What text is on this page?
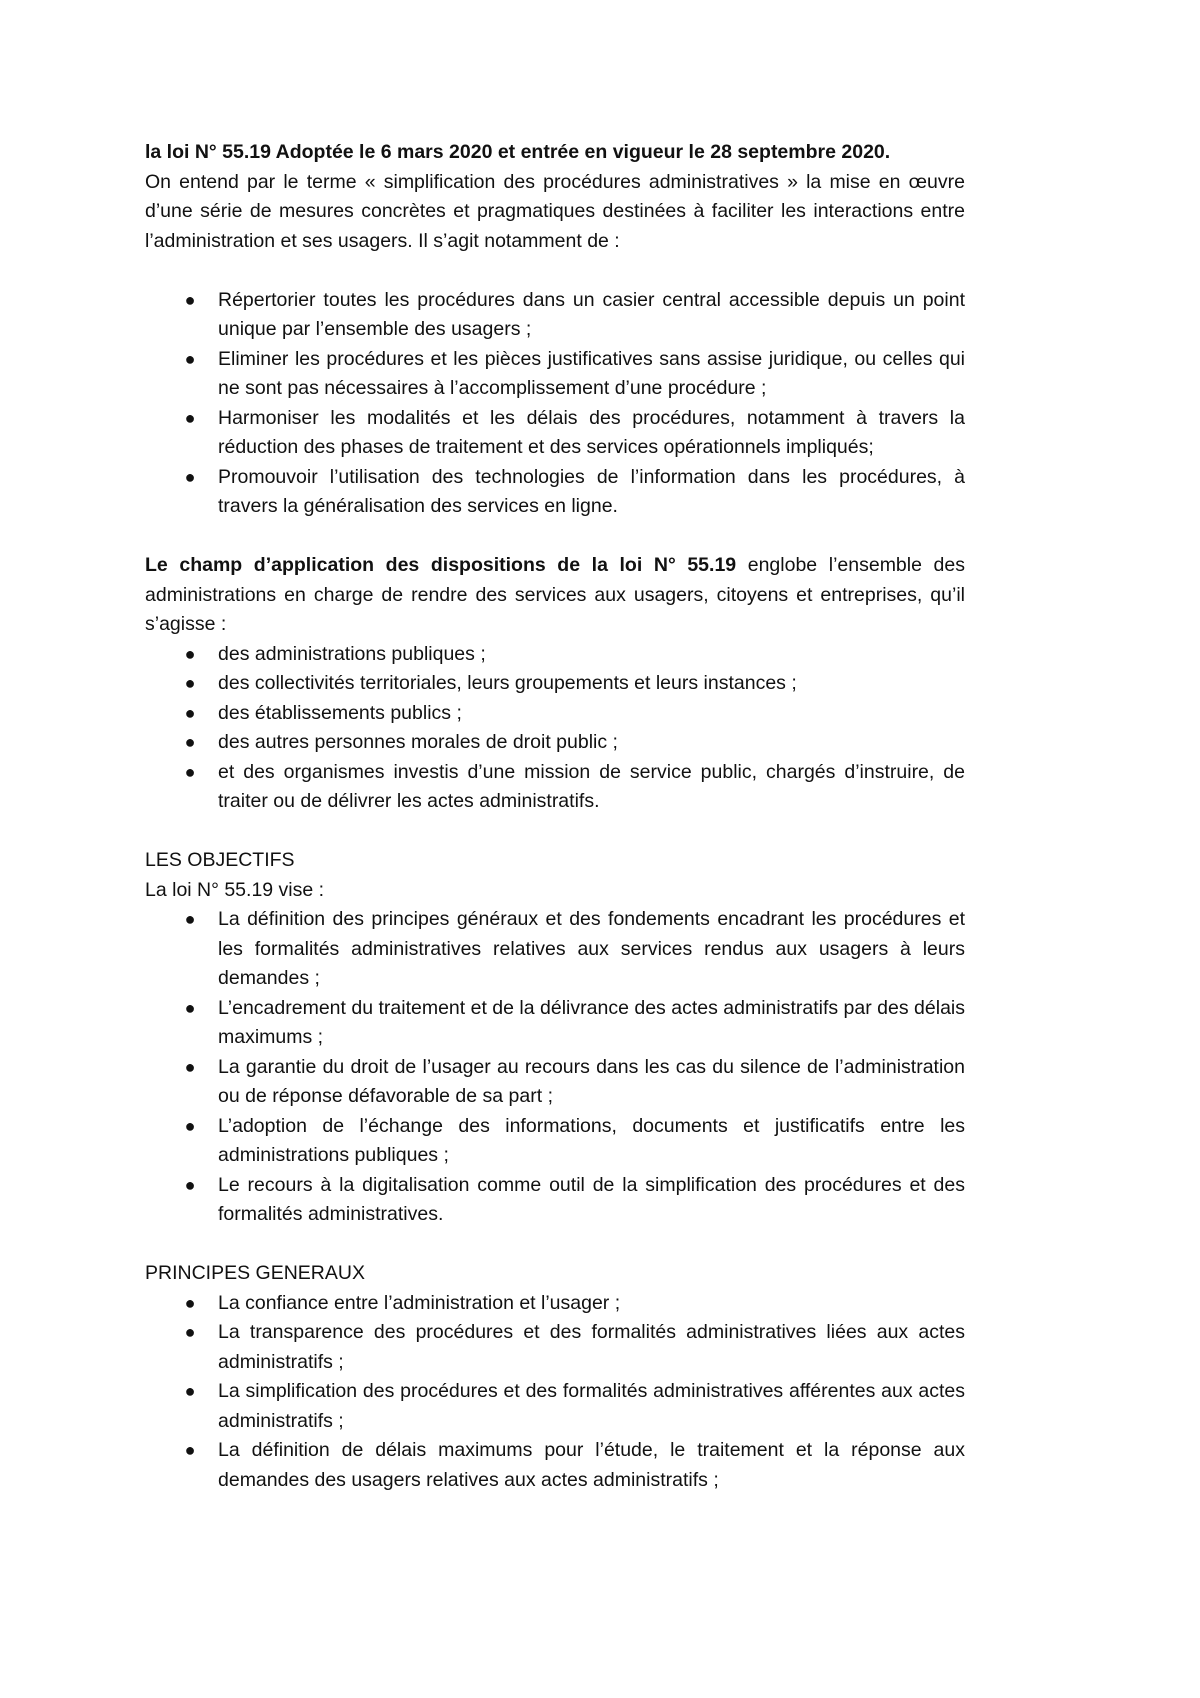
la loi N° 55.19 Adoptée le 6 mars 2020 et entrée en vigueur le 28 septembre 2020.

On entend par le terme « simplification des procédures administratives » la mise en œuvre d’une série de mesures concrètes et pragmatiques destinées à faciliter les interactions entre l’administration et ses usagers. Il s’agit notamment de :

● Répertorier toutes les procédures dans un casier central accessible depuis un point unique par l’ensemble des usagers ;
● Eliminer les procédures et les pièces justificatives sans assise juridique, ou celles qui ne sont pas nécessaires à l’accomplissement d’une procédure ;
● Harmoniser les modalités et les délais des procédures, notamment à travers la réduction des phases de traitement et des services opérationnels impliqués;
● Promouvoir l’utilisation des technologies de l’information dans les procédures, à travers la généralisation des services en ligne.

Le champ d’application des dispositions de la loi N° 55.19 englobe l’ensemble des administrations en charge de rendre des services aux usagers, citoyens et entreprises, qu’il s’agisse :

● des administrations publiques ;
● des collectivités territoriales, leurs groupements et leurs instances ;
● des établissements publics ;
● des autres personnes morales de droit public ;
● et des organismes investis d’une mission de service public, chargés d’instruire, de traiter ou de délivrer les actes administratifs.

LES OBJECTIFS

La loi N° 55.19 vise :

● La définition des principes généraux et des fondements encadrant les procédures et les formalités administratives relatives aux services rendus aux usagers à leurs demandes ;
● L’encadrement du traitement et de la délivrance des actes administratifs par des délais maximums ;
● La garantie du droit de l’usager au recours dans les cas du silence de l’administration ou de réponse défavorable de sa part ;
● L’adoption de l’échange des informations, documents et justificatifs entre les administrations publiques ;
● Le recours à la digitalisation comme outil de la simplification des procédures et des formalités administratives.

PRINCIPES GENERAUX

● La confiance entre l’administration et l’usager ;
● La transparence des procédures et des formalités administratives liées aux actes administratifs ;
● La simplification des procédures et des formalités administratives afférentes aux actes administratifs ;
● La définition de délais maximums pour l’étude, le traitement et la réponse aux demandes des usagers relatives aux actes administratifs ;
